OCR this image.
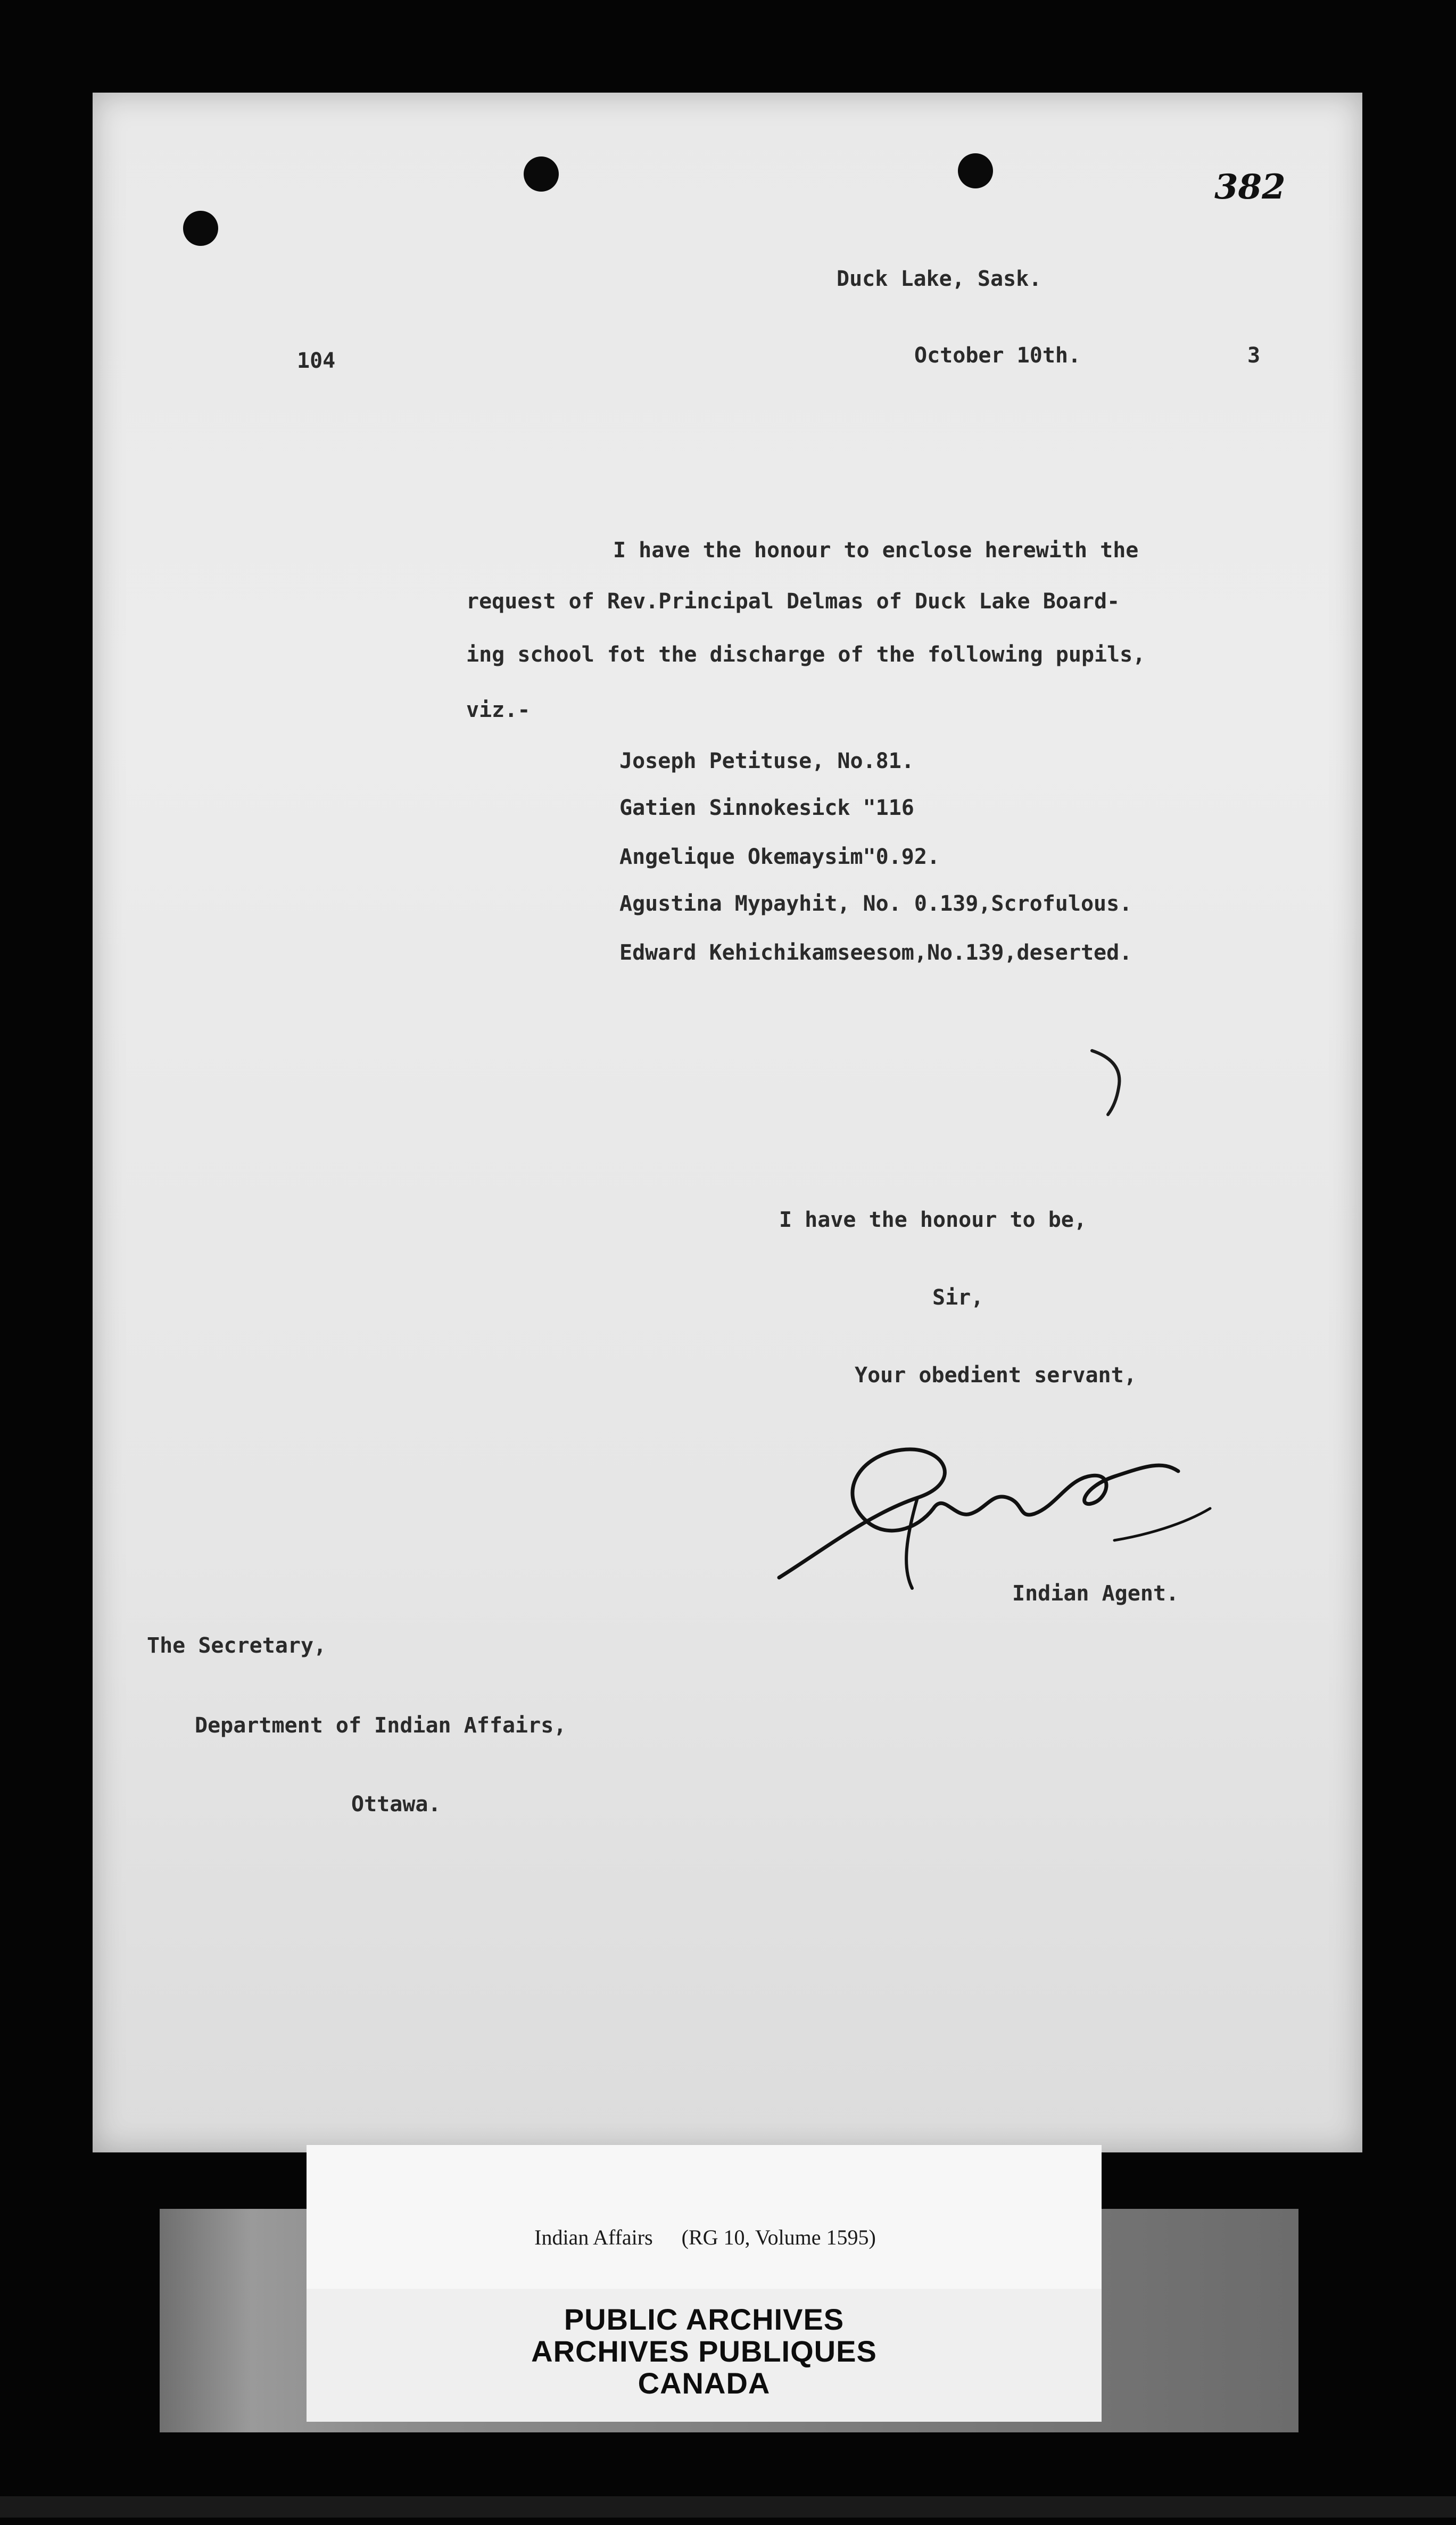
382
Duck Lake, Sask.
104	October 10th.	3
I have the honour to enclose herewith the
request of Rev.Principal Delmas of Duck Lake Board-
ing school fot the discharge of the following pupils,
viz.-
Joseph Petituse, No.81.
Gatien Sinnokesick "116
Angelique Okemaysim"0.92.
Agustina Mypayhit, No. 0.139,Scrofulous.
Edward Kehichikamseesom,No.139,deserted.
I have the honour to be,
Sir,
Your obedient servant,
Indian Agent.
The Secretary,
Department of Indian Affairs,
Ottawa.
Indian Affairs (RG 10, Volume 1595)
PUBLIC ARCHIVES
ARCHIVES PUBLIQUES
CANADA
